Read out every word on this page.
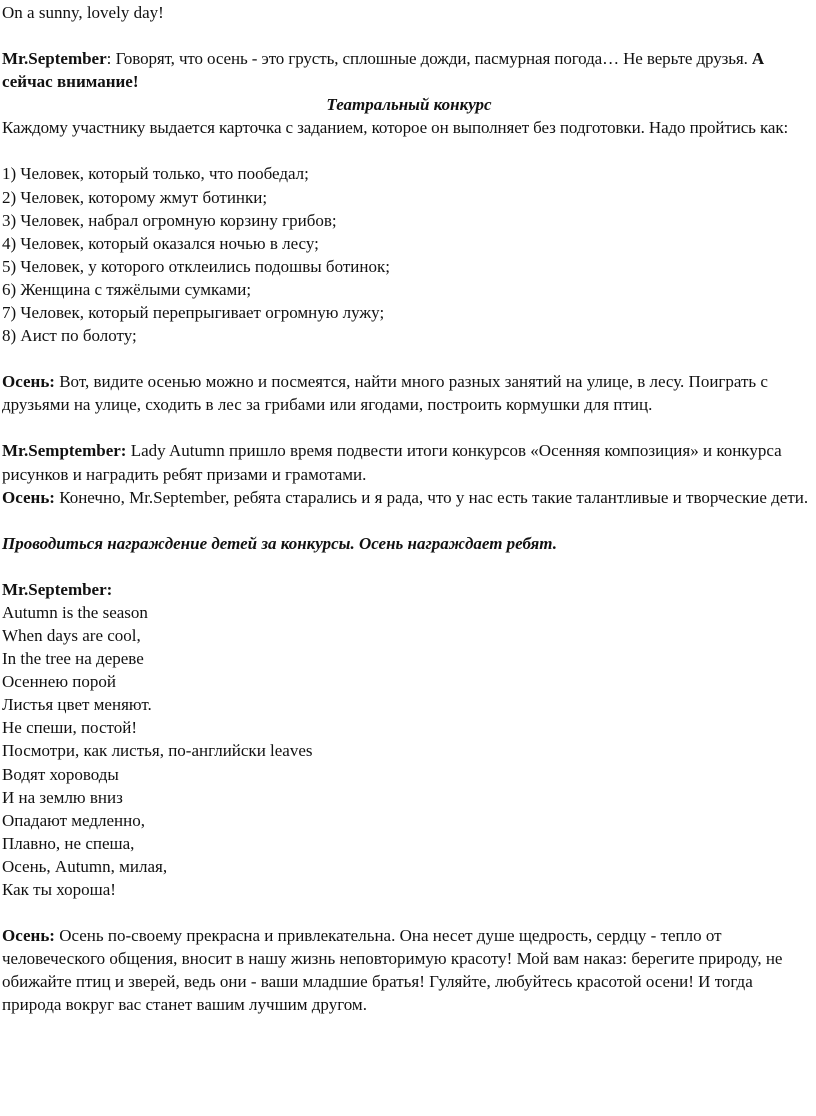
On a sunny, lovely day!

Mr.September: Говорят, что осень - это грусть, сплошные дожди, пасмурная погода… Не верьте друзья. А сейчас внимание!

Театральный конкурс

Каждому участнику выдается карточка с заданием, которое он выполняет без подготовки. Надо пройтись как:

1) Человек, который только, что пообедал;

2) Человек, которому жмут ботинки;

3) Человек, набрал огромную корзину грибов;

4) Человек, который оказался ночью в лесу;

5) Человек, у которого отклеились подошвы ботинок;

6) Женщина с тяжёлыми сумками;

7) Человек, который перепрыгивает огромную лужу;

8) Аист по болоту;

Осень: Вот, видите осенью можно и посмеятся, найти много разных занятий на улице, в лесу. Поиграть с друзьями на улице, сходить в лес за грибами или ягодами, построить кормушки для птиц.

Mr.Semptember: Lady Autumn пришло время подвести итоги конкурсов «Осенняя композиция» и конкурса рисунков и наградить ребят призами и грамотами.

Осень: Конечно, Mr.September, ребята старались и я рада, что у нас есть такие талантливые и творческие дети.

Проводиться награждение детей за конкурсы. Осень награждает ребят.

Mr.September:

Autumn is the season

When days are cool,

In the tree на дереве

Осеннею порой

Листья цвет меняют.

Не спеши, постой!

Посмотри, как листья, по-английски leaves

Водят хороводы

И на землю вниз

Опадают медленно,

Плавно, не спеша,

Осень, Autumn, милая,

Как ты хороша!

Осень: Осень по-своему прекрасна и привлекательна. Она несет душе щедрость, сердцу - тепло от человеческого общения, вносит в нашу жизнь неповторимую красоту! Мой вам наказ: берегите природу, не обижайте птиц и зверей, ведь они - ваши младшие братья! Гуляйте, любуйтесь красотой осени! И тогда природа вокруг вас станет вашим лучшим другом.
